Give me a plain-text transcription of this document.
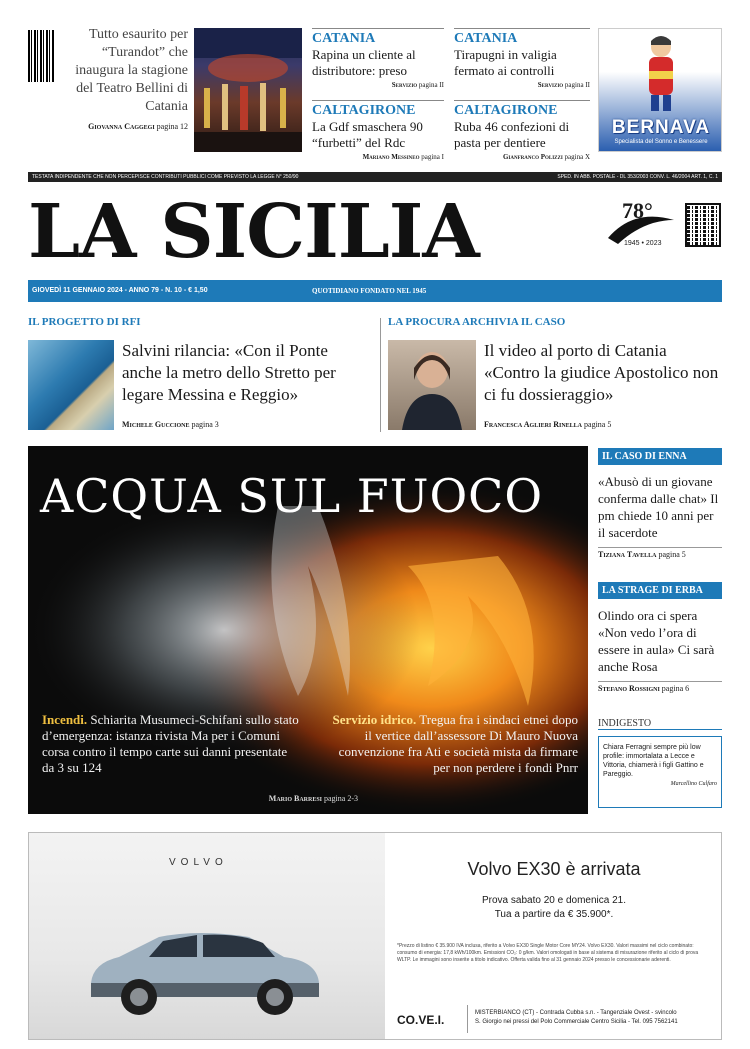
Tutto esaurito per “Turandot” che inaugura la stagione del Teatro Bellini di Catania
Giovanna Caggegi pagina 12
CATANIA
Rapina un cliente al distributore: preso
Servizio pagina II
CATANIA
Tirapugni in valigia fermato ai controlli
Servizio pagina II
CALTAGIRONE
La Gdf smaschera 90 “furbetti” del Rdc
Mariano Messineo pagina I
CALTAGIRONE
Ruba 46 confezioni di pasta per dentiere
Gianfranco Polizzi pagina X
BERNAVA
Specialista del Sonno e Benessere
TESTATA INDIPENDENTE CHE NON PERCEPISCE CONTRIBUTI PUBBLICI COME PREVISTO LA LEGGE N° 250/90	SPED. IN ABB. POSTALE - DL 353/2003 CONV. L. 46/2004 ART. 1, C. 1
LA SICILIA	78°
1945 • 2023
GIOVEDÌ 11 GENNAIO 2024 - ANNO 79 - N. 10 - € 1,50	QUOTIDIANO FONDATO NEL 1945
IL PROGETTO DI RFI
Salvini rilancia: «Con il Ponte anche la metro dello Stretto per legare Messina e Reggio»
Michele Guccione pagina 3
LA PROCURA ARCHIVIA IL CASO
Il video al porto di Catania «Contro la giudice Apostolico non ci fu dossieraggio»
Francesca Aglieri Rinella pagina 5
ACQUA SUL FUOCO
Incendi. Schiarita Musumeci-Schifani sullo stato d’emergenza: istanza rivista Ma per i Comuni corsa contro il tempo carte sui danni presentate da 3 su 124
Servizio idrico. Tregua fra i sindaci etnei dopo il vertice dall’assessore Di Mauro Nuova convenzione fra Ati e società mista da firmare per non perdere i fondi Pnrr
Mario Barresi pagina 2-3
IL CASO DI ENNA
«Abusò di un giovane conferma dalle chat» Il pm chiede 10 anni per il sacerdote
Tiziana Tavella pagina 5
LA STRAGE DI ERBA
Olindo ora ci spera «Non vedo l’ora di essere in aula» Ci sarà anche Rosa
Stefano Rossigni pagina 6
INDIGESTO
Chiara Ferragni sempre più low profile: immortalata a Lecce e Vittoria, chiamerà i figli Gattino e Pareggio.
Marcellino Culfaro
VOLVO	Volvo EX30 è arrivata
Prova sabato 20 e domenica 21.
Tua a partire da € 35.900*.
*Prezzo di listino € 35.900 IVA inclusa, riferito a Volvo EX30 Single Motor Core MY24. Volvo EX30. Valori massimi nel ciclo combinato: consumo di energia: 17,8 kWh/100km. Emissioni CO₂: 0 g/km. Valori omologati in base al sistema di misurazione riferito al ciclo di prova WLTP. Le immagini sono inserite a titolo indicativo. Offerta valida fino al 31 gennaio 2024 presso le concessionarie aderenti.
CO.VE.I.	MISTERBIANCO (CT) - Contrada Cubba s.n. - Tangenziale Ovest - svincolo
S. Giorgio nei pressi del Polo Commerciale Centro Sicilia - Tel. 095 7562141
